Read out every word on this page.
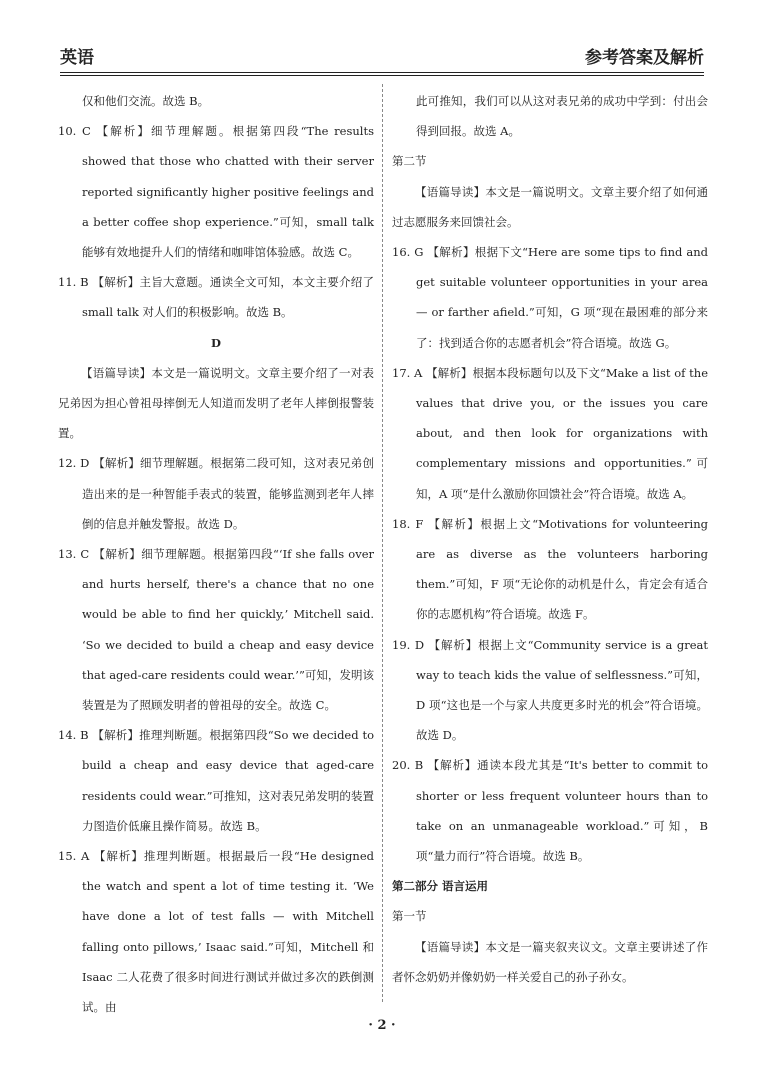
英语	参考答案及解析

仅和他们交流。故选 B。

10. C 【解析】细节理解题。根据第四段“The results showed that those who chatted with their server reported significantly higher positive feelings and a better coffee shop experience.”可知，small talk 能够有效地提升人们的情绪和咖啡馆体验感。故选 C。

11. B 【解析】主旨大意题。通读全文可知，本文主要介绍了 small talk 对人们的积极影响。故选 B。

D

【语篇导读】本文是一篇说明文。文章主要介绍了一对表兄弟因为担心曾祖母摔倒无人知道而发明了老年人摔倒报警装置。

12. D 【解析】细节理解题。根据第二段可知，这对表兄弟创造出来的是一种智能手表式的装置，能够监测到老年人摔倒的信息并触发警报。故选 D。

13. C 【解析】细节理解题。根据第四段“‘If she falls over and hurts herself, there's a chance that no one would be able to find her quickly,’ Mitchell said. ‘So we decided to build a cheap and easy device that aged-care residents could wear.’”可知，发明该装置是为了照顾发明者的曾祖母的安全。故选 C。

14. B 【解析】推理判断题。根据第四段“So we decided to build a cheap and easy device that aged-care residents could wear.”可推知，这对表兄弟发明的装置力图造价低廉且操作简易。故选 B。

15. A 【解析】推理判断题。根据最后一段“He designed the watch and spent a lot of time testing it. ‘We have done a lot of test falls — with Mitchell falling onto pillows,’ Isaac said.”可知，Mitchell 和 Isaac 二人花费了很多时间进行测试并做过多次的跌倒测试。由

此可推知，我们可以从这对表兄弟的成功中学到：付出会得到回报。故选 A。

第二节

【语篇导读】本文是一篇说明文。文章主要介绍了如何通过志愿服务来回馈社会。

16. G 【解析】根据下文“Here are some tips to find and get suitable volunteer opportunities in your area — or farther afield.”可知，G 项“现在最困难的部分来了：找到适合你的志愿者机会”符合语境。故选 G。

17. A 【解析】根据本段标题句以及下文“Make a list of the values that drive you, or the issues you care about, and then look for organizations with complementary missions and opportunities.”可知，A 项“是什么激励你回馈社会”符合语境。故选 A。

18. F 【解析】根据上文“Motivations for volunteering are as diverse as the volunteers harboring them.”可知，F 项“无论你的动机是什么，肯定会有适合你的志愿机构”符合语境。故选 F。

19. D 【解析】根据上文“Community service is a great way to teach kids the value of selflessness.”可知，D 项“这也是一个与家人共度更多时光的机会”符合语境。故选 D。

20. B 【解析】通读本段尤其是“It's better to commit to shorter or less frequent volunteer hours than to take on an unmanageable workload.”可知，B 项“量力而行”符合语境。故选 B。

第二部分 语言运用

第一节

【语篇导读】本文是一篇夹叙夹议文。文章主要讲述了作者怀念奶奶并像奶奶一样关爱自己的孙子孙女。

· 2 ·
